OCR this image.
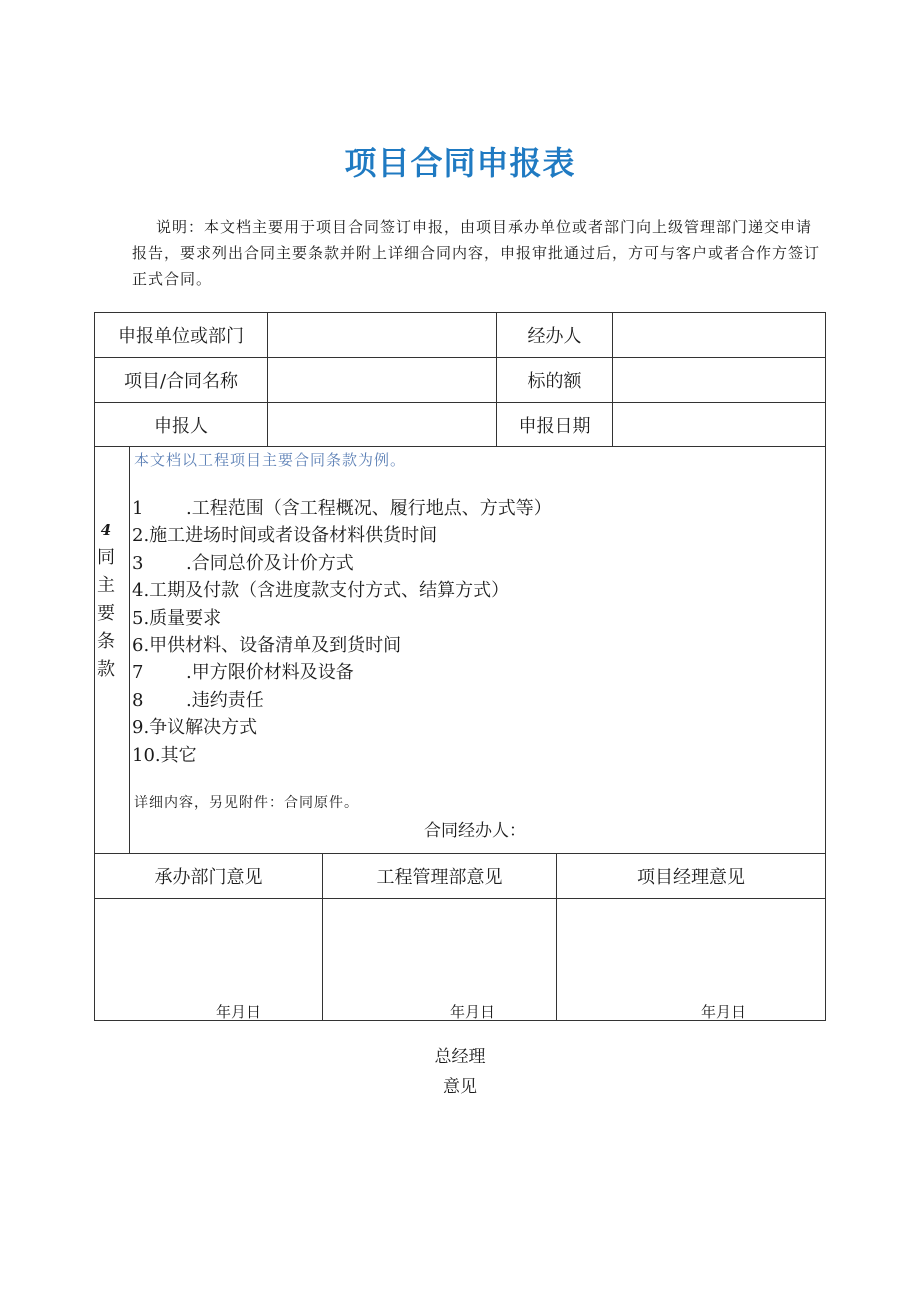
项目合同申报表
说明：本文档主要用于项目合同签订申报，由项目承办单位或者部门向上级管理部门递交申请报告，要求列出合同主要条款并附上详细合同内容，申报审批通过后，方可与客户或者合作方签订正式合同。
申报单位或部门	经办人
项目/合同名称	标的额
申报人	申报日期
4
同
主
要
条
款
本文档以工程项目主要合同条款为例。
1 .工程范围（含工程概况、履行地点、方式等）
2.施工进场时间或者设备材料供货时间
3 .合同总价及计价方式
4.工期及付款（含进度款支付方式、结算方式）
5.质量要求
6.甲供材料、设备清单及到货时间
7 .甲方限价材料及设备
8 .违约责任
9.争议解决方式
10.其它
详细内容，另见附件：合同原件。
合同经办人：
承办部门意见	工程管理部意见	项目经理意见
年月日	年月日	年月日
总经理
意见
